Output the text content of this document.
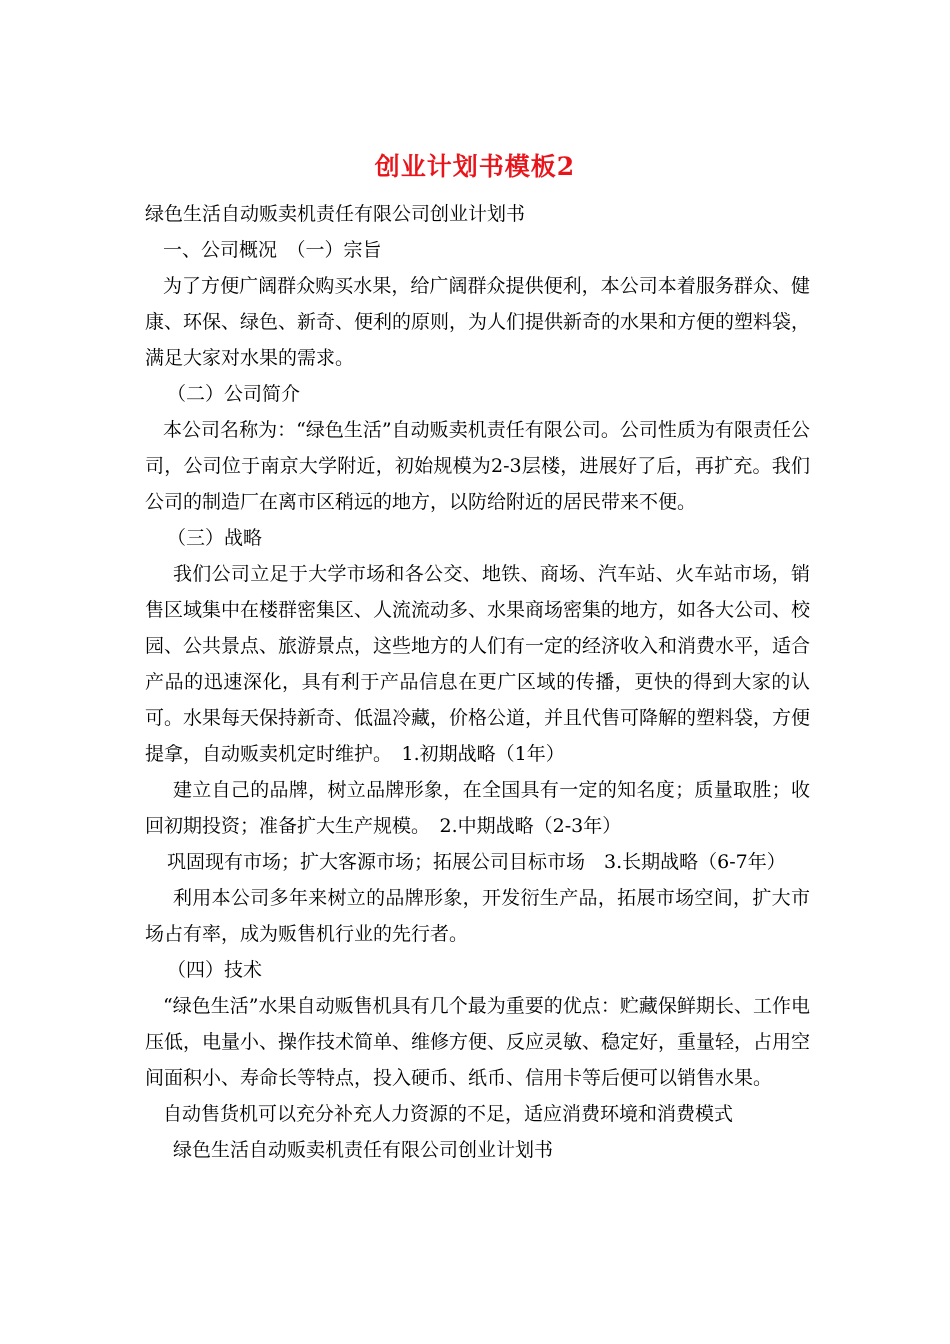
创业计划书模板2

绿色生活自动贩卖机责任有限公司创业计划书

一、公司概况　（一）宗旨

为了方便广阔群众购买水果，给广阔群众提供便利，本公司本着服务群众、健康、环保、绿色、新奇、便利的原则，为人们提供新奇的水果和方便的塑料袋，满足大家对水果的需求。

（二）公司简介

本公司名称为：“绿色生活”自动贩卖机责任有限公司。公司性质为有限责任公司，公司位于南京大学附近，初始规模为2-3层楼，进展好了后，再扩充。我们公司的制造厂在离市区稍远的地方，以防给附近的居民带来不便。

（三）战略

我们公司立足于大学市场和各公交、地铁、商场、汽车站、火车站市场，销售区域集中在楼群密集区、人流流动多、水果商场密集的地方，如各大公司、校园、公共景点、旅游景点，这些地方的人们有一定的经济收入和消费水平，适合产品的迅速深化，具有利于产品信息在更广区域的传播，更快的得到大家的认可。水果每天保持新奇、低温冷藏，价格公道，并且代售可降解的塑料袋，方便提拿，自动贩卖机定时维护。　1.初期战略（1年）

建立自己的品牌，树立品牌形象，在全国具有一定的知名度；质量取胜；收回初期投资；准备扩大生产规模。　2.中期战略（2-3年）

巩固现有市场；扩大客源市场；拓展公司目标市场　3.长期战略（6-7年）

利用本公司多年来树立的品牌形象，开发衍生产品，拓展市场空间，扩大市场占有率，成为贩售机行业的先行者。

（四）技术

“绿色生活”水果自动贩售机具有几个最为重要的优点：贮藏保鲜期长、工作电压低，电量小、操作技术简单、维修方便、反应灵敏、稳定好，重量轻，占用空间面积小、寿命长等特点，投入硬币、纸币、信用卡等后便可以销售水果。

自动售货机可以充分补充人力资源的不足，适应消费环境和消费模式

绿色生活自动贩卖机责任有限公司创业计划书
